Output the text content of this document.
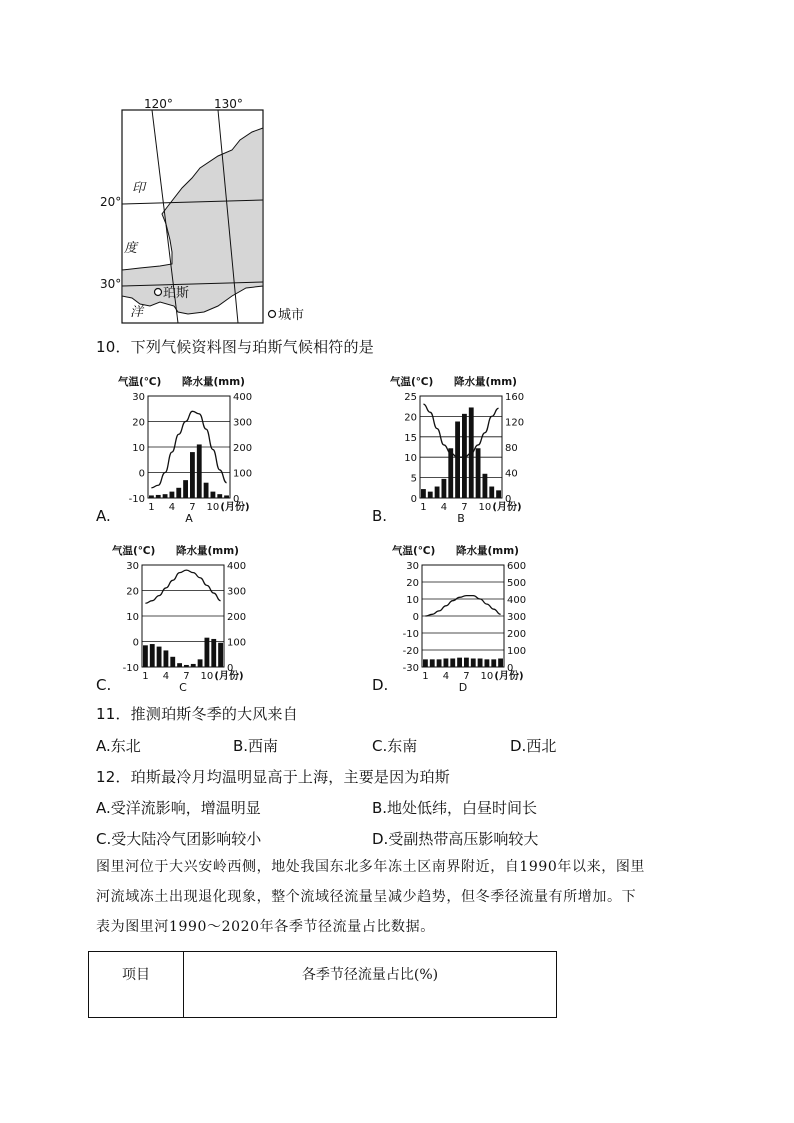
120°	130°
20°
30°
印
度
洋
珀斯
城市
10．下列气候资料图与珀斯气候相符的是
A.	B.
C.	D.
气温(℃) 降水量(mm)
30
20
10
0
-10
400
300
200
100
0
1 4 7 10 (月份)
A
气温(℃) 降水量(mm)
25
20
15
10
5
0
160
120
80
40
0
1 4 7 10 (月份)
B
气温(℃) 降水量(mm)
30
20
10
0
-10
400
300
200
100
0
1 4 7 10 (月份)
C
气温(℃) 降水量(mm)
30
20
10
0
-10
-20
-30
600
500
400
300
200
100
0
1 4 7 10 (月份)
D
11．推测珀斯冬季的大风来自
A.东北	B.西南	C.东南	D.西北
12．珀斯最冷月均温明显高于上海，主要是因为珀斯
A.受洋流影响，增温明显	B.地处低纬，白昼时间长
C.受大陆冷气团影响较小	D.受副热带高压影响较大
图里河位于大兴安岭西侧，地处我国东北多年冻土区南界附近，自1990年以来，图里
河流域冻土出现退化现象，整个流域径流量呈减少趋势，但冬季径流量有所增加。下
表为图里河1990～2020年各季节径流量占比数据。
项目	各季节径流量占比(%)
